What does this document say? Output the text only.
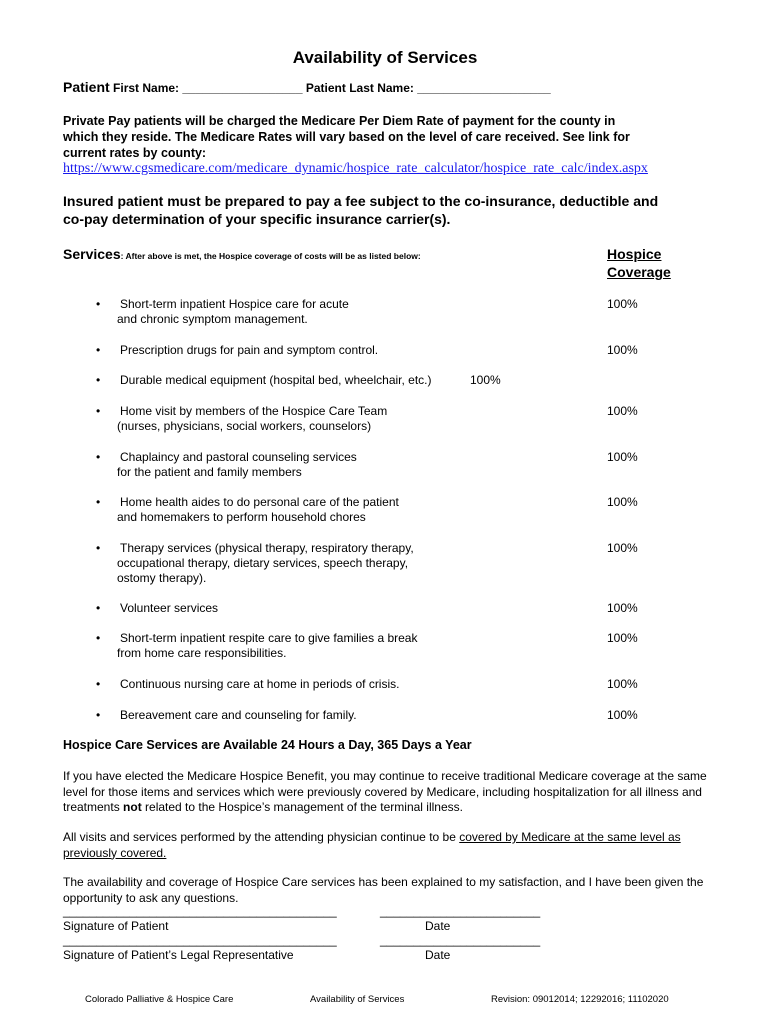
Availability of Services
Patient First Name: __________________ Patient Last Name: ____________________
Private Pay patients will be charged the Medicare Per Diem Rate of payment for the county in
which they reside. The Medicare Rates will vary based on the level of care received. See link for
current rates by county:
https://www.cgsmedicare.com/medicare_dynamic/hospice_rate_calculator/hospice_rate_calc/index.aspx
Insured patient must be prepared to pay a fee subject to the co-insurance, deductible and
co-pay determination of your specific insurance carrier(s).
Services: After above is met, the Hospice coverage of costs will be as listed below:	Hospice
Coverage
• Short-term inpatient Hospice care for acute
and chronic symptom management.
100%
• Prescription drugs for pain and symptom control.	100%
• Durable medical equipment (hospital bed, wheelchair, etc.)	100%
• Home visit by members of the Hospice Care Team
(nurses, physicians, social workers, counselors)
100%
• Chaplaincy and pastoral counseling services
for the patient and family members
100%
• Home health aides to do personal care of the patient
and homemakers to perform household chores
100%
• Therapy services (physical therapy, respiratory therapy,
occupational therapy, dietary services, speech therapy,
ostomy therapy).
100%
• Volunteer services	100%
• Short-term inpatient respite care to give families a break
from home care responsibilities.
100%
• Continuous nursing care at home in periods of crisis.	100%
• Bereavement care and counseling for family.	100%
Hospice Care Services are Available 24 Hours a Day, 365 Days a Year
If you have elected the Medicare Hospice Benefit, you may continue to receive traditional Medicare coverage at the same level for those items and services which were previously covered by Medicare, including hospitalization for all illness and treatments not related to the Hospice’s management of the terminal illness.
All visits and services performed by the attending physician continue to be covered by Medicare at the same level as previously covered.
The availability and coverage of Hospice Care services has been explained to my satisfaction, and I have been given the opportunity to ask any questions.
_________________________________________	________________________
Signature of Patient	Date
_________________________________________	________________________
Signature of Patient’s Legal Representative	Date
Colorado Palliative & Hospice Care	Availability of Services	Revision: 09012014; 12292016; 11102020
